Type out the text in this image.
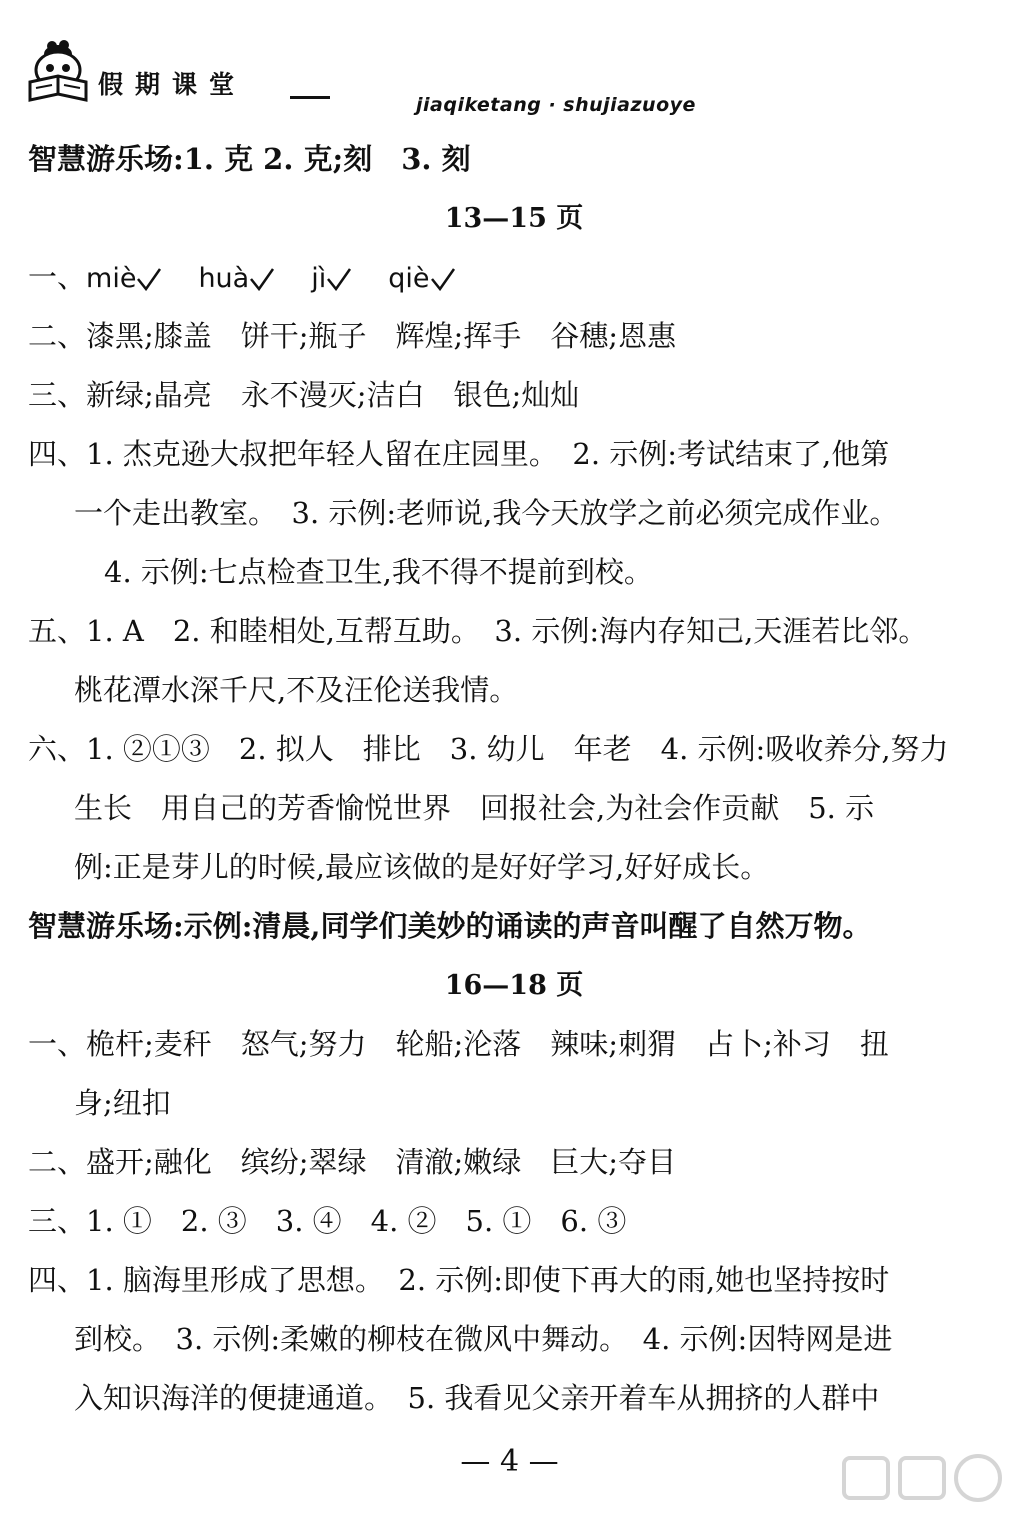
假 期 课 堂
jiaqiketang · shujiazuoye
智慧游乐场:1. 克 2. 克;刻　3. 刻
13—15 页
一、miè huà jì qiè
二、漆黑;膝盖　饼干;瓶子　辉煌;挥手　谷穗;恩惠
三、新绿;晶亮　永不漫灭;洁白　银色;灿灿
四、1. 杰克逊大叔把年轻人留在庄园里。　2. 示例:考试结束了,他第
一个走出教室。　3. 示例:老师说,我今天放学之前必须完成作业。
4. 示例:七点检查卫生,我不得不提前到校。
五、1. A　2. 和睦相处,互帮互助。　3. 示例:海内存知己,天涯若比邻。
桃花潭水深千尺,不及汪伦送我情。
六、1. ②①③　2. 拟人　排比　3. 幼儿　年老　4. 示例:吸收养分,努力
生长　用自己的芳香愉悦世界　回报社会,为社会作贡献　5. 示
例:正是芽儿的时候,最应该做的是好好学习,好好成长。
智慧游乐场:示例:清晨,同学们美妙的诵读的声音叫醒了自然万物。
16—18 页
一、桅杆;麦秆　怒气;努力　轮船;沦落　辣味;刺猬　占卜;补习　扭
身;纽扣
二、盛开;融化　缤纷;翠绿　清澈;嫩绿　巨大;夺目
三、1. ①　2. ③　3. ④　4. ②　5. ①　6. ③
四、1. 脑海里形成了思想。　2. 示例:即使下再大的雨,她也坚持按时
到校。　3. 示例:柔嫩的柳枝在微风中舞动。　4. 示例:因特网是进
入知识海洋的便捷通道。　5. 我看见父亲开着车从拥挤的人群中
— 4 —
